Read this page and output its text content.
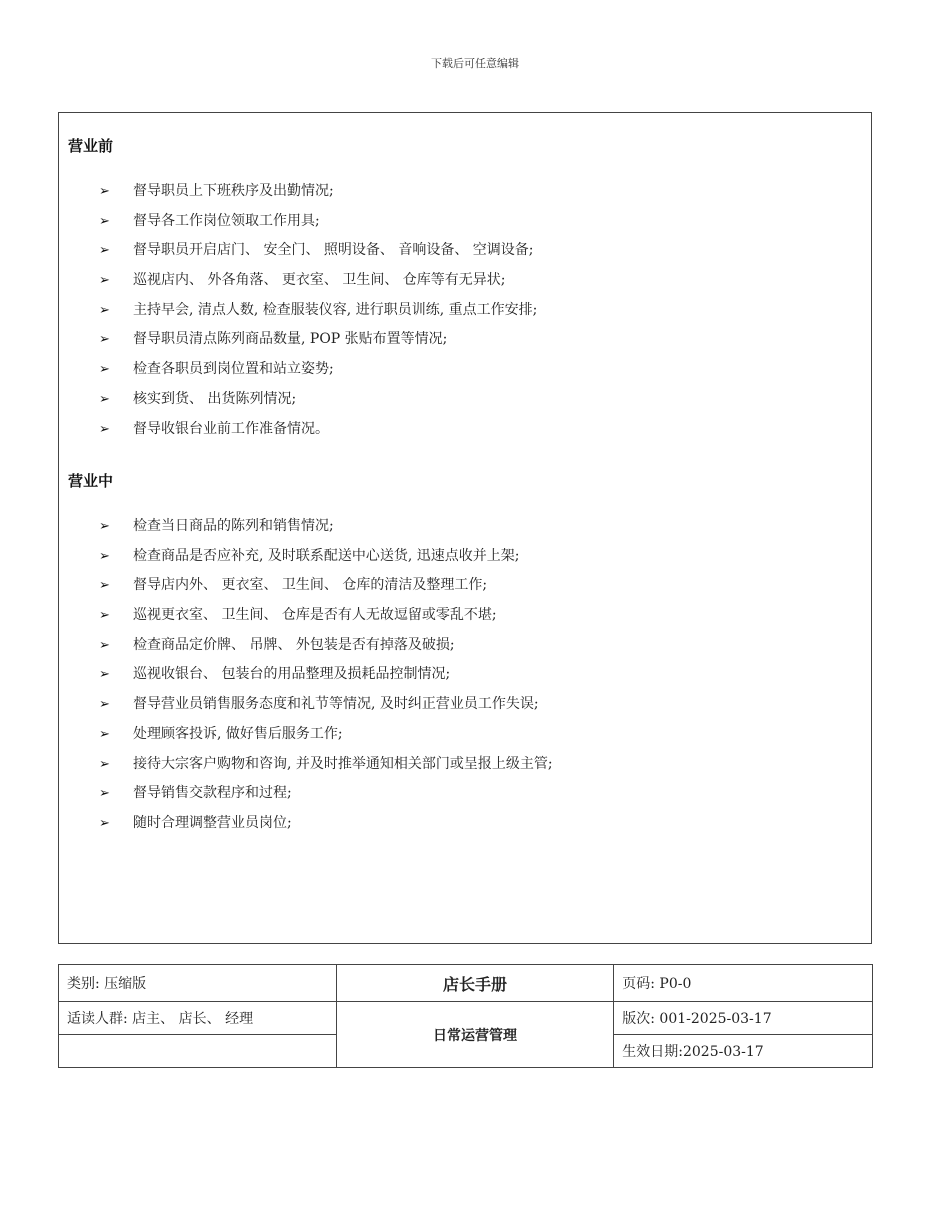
下载后可任意编辑
营业前
➢	督导职员上下班秩序及出勤情况;
➢	督导各工作岗位领取工作用具;
➢	督导职员开启店门、 安全门、 照明设备、 音响设备、 空调设备;
➢	巡视店内、 外各角落、 更衣室、 卫生间、 仓库等有无异状;
➢	主持早会, 清点人数, 检查服装仪容, 进行职员训练, 重点工作安排;
➢	督导职员清点陈列商品数量, POP 张贴布置等情况;
➢	检查各职员到岗位置和站立姿势;
➢	核实到货、 出货陈列情况;
➢	督导收银台业前工作准备情况。
营业中
➢	检查当日商品的陈列和销售情况;
➢	检查商品是否应补充, 及时联系配送中心送货, 迅速点收并上架;
➢	督导店内外、 更衣室、 卫生间、 仓库的清洁及整理工作;
➢	巡视更衣室、 卫生间、 仓库是否有人无故逗留或零乱不堪;
➢	检查商品定价牌、 吊牌、 外包装是否有掉落及破损;
➢	巡视收银台、 包装台的用品整理及损耗品控制情况;
➢	督导营业员销售服务态度和礼节等情况, 及时纠正营业员工作失误;
➢	处理顾客投诉, 做好售后服务工作;
➢	接待大宗客户购物和咨询, 并及时推举通知相关部门或呈报上级主管;
➢	督导销售交款程序和过程;
➢	随时合理调整营业员岗位;
类别: 压缩版	店长手册	页码: P0-0
适读人群: 店主、 店长、 经理	日常运营管理	版次: 001-2025-03-17
		生效日期:2025-03-17
